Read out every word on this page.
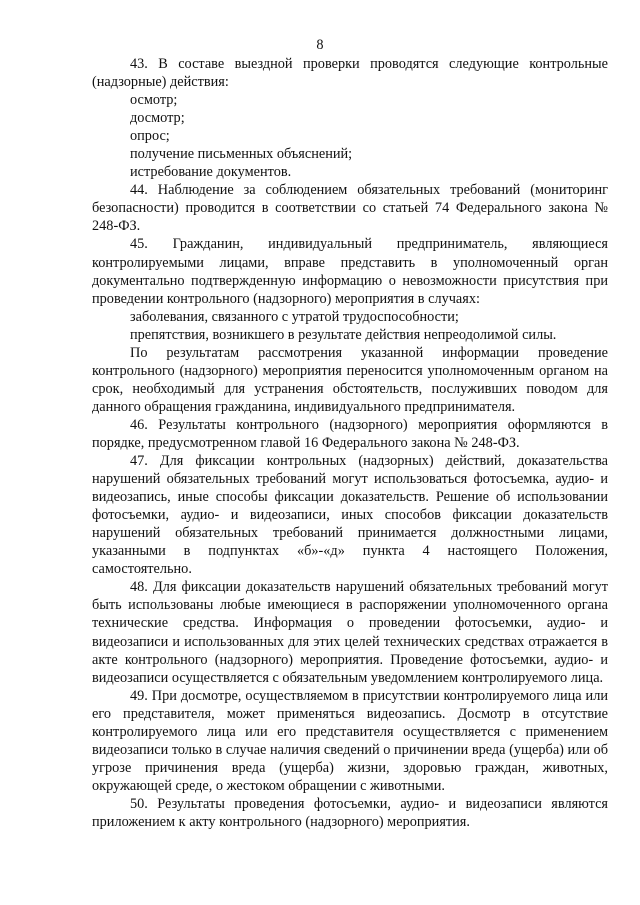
8

43. В составе выездной проверки проводятся следующие контрольные (надзорные) действия:

осмотр;

досмотр;

опрос;

получение письменных объяснений;

истребование документов.

44. Наблюдение за соблюдением обязательных требований (мониторинг безопасности) проводится в соответствии со статьей 74 Федерального закона № 248-ФЗ.

45. Гражданин, индивидуальный предприниматель, являющиеся контролируемыми лицами, вправе представить в уполномоченный орган документально подтвержденную информацию о невозможности присутствия при проведении контрольного (надзорного) мероприятия в случаях:

заболевания, связанного с утратой трудоспособности;

препятствия, возникшего в результате действия непреодолимой силы.

По результатам рассмотрения указанной информации проведение контрольного (надзорного) мероприятия переносится уполномоченным органом на срок, необходимый для устранения обстоятельств, послуживших поводом для данного обращения гражданина, индивидуального предпринимателя.

46. Результаты контрольного (надзорного) мероприятия оформляются в порядке, предусмотренном главой 16 Федерального закона № 248-ФЗ.

47. Для фиксации контрольных (надзорных) действий, доказательства нарушений обязательных требований могут использоваться фотосъемка, аудио- и видеозапись, иные способы фиксации доказательств. Решение об использовании фотосъемки, аудио- и видеозаписи, иных способов фиксации доказательств нарушений обязательных требований принимается должностными лицами, указанными в подпунктах «б»-«д» пункта 4 настоящего Положения, самостоятельно.

48. Для фиксации доказательств нарушений обязательных требований могут быть использованы любые имеющиеся в распоряжении уполномоченного органа технические средства. Информация о проведении фотосъемки, аудио- и видеозаписи и использованных для этих целей технических средствах отражается в акте контрольного (надзорного) мероприятия. Проведение фотосъемки, аудио- и видеозаписи осуществляется с обязательным уведомлением контролируемого лица.

49. При досмотре, осуществляемом в присутствии контролируемого лица или его представителя, может применяться видеозапись. Досмотр в отсутствие контролируемого лица или его представителя осуществляется с применением видеозаписи только в случае наличия сведений о причинении вреда (ущерба) или об угрозе причинения вреда (ущерба) жизни, здоровью граждан, животных, окружающей среде, о жестоком обращении с животными.

50. Результаты проведения фотосъемки, аудио- и видеозаписи являются приложением к акту контрольного (надзорного) мероприятия.
